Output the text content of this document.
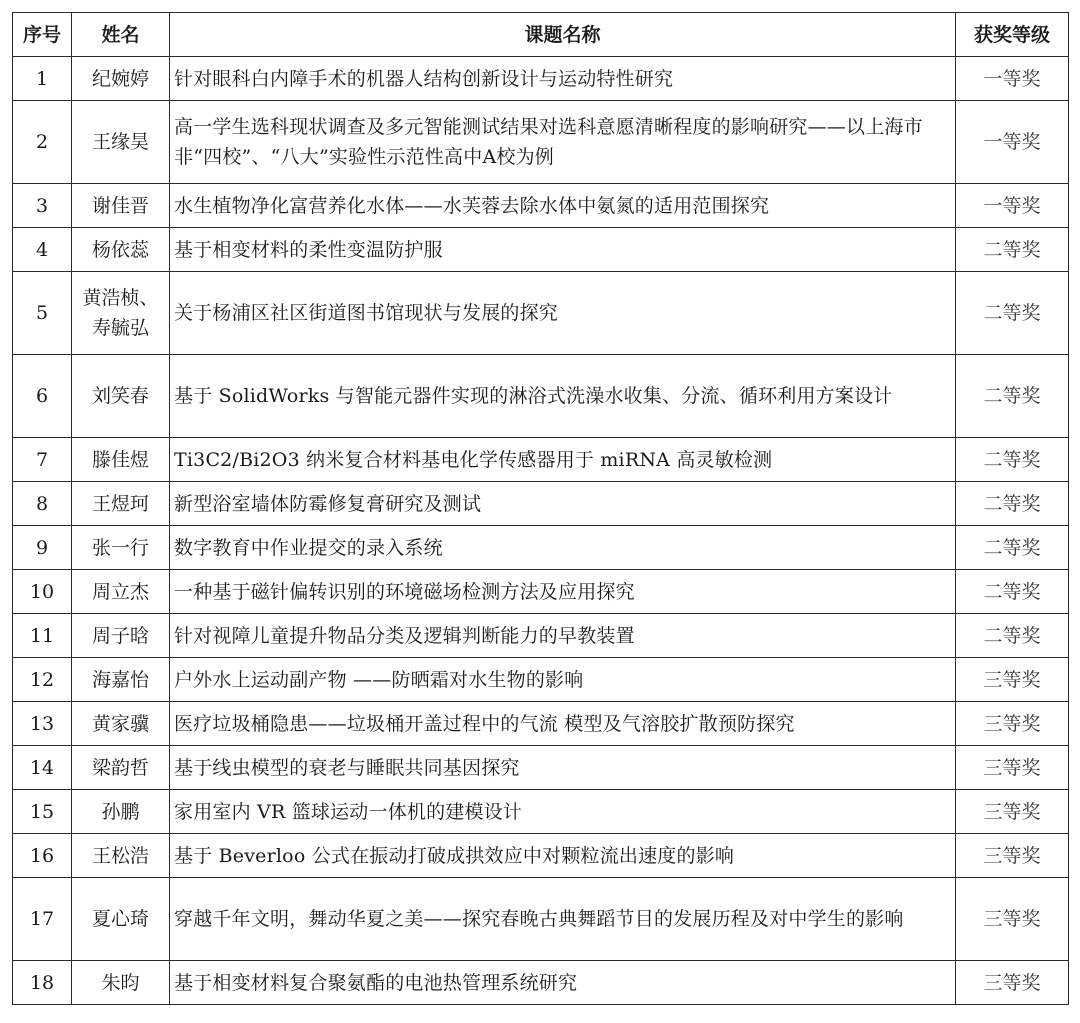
序号	姓名	课题名称	获奖等级
1	纪婉婷	针对眼科白内障手术的机器人结构创新设计与运动特性研究	一等奖
2	王缘昊	高一学生选科现状调查及多元智能测试结果对选科意愿清晰程度的影响研究——以上海市非“四校”、“八大”实验性示范性高中A校为例	一等奖
3	谢佳晋	水生植物净化富营养化水体——水芙蓉去除水体中氨氮的适用范围探究	一等奖
4	杨依蕊	基于相变材料的柔性变温防护服	二等奖
5	黄浩桢、寿毓弘	关于杨浦区社区街道图书馆现状与发展的探究	二等奖
6	刘笑春	基于 SolidWorks 与智能元器件实现的淋浴式洗澡水收集、分流、循环利用方案设计	二等奖
7	滕佳煜	Ti3C2/Bi2O3 纳米复合材料基电化学传感器用于 miRNA 高灵敏检测	二等奖
8	王煜珂	新型浴室墙体防霉修复膏研究及测试	二等奖
9	张一行	数字教育中作业提交的录入系统	二等奖
10	周立杰	一种基于磁针偏转识别的环境磁场检测方法及应用探究	二等奖
11	周子晗	针对视障儿童提升物品分类及逻辑判断能力的早教装置	二等奖
12	海嘉怡	户外水上运动副产物 ——防晒霜对水生物的影响	三等奖
13	黄家骥	医疗垃圾桶隐患——垃圾桶开盖过程中的气流 模型及气溶胶扩散预防探究	三等奖
14	梁韵哲	基于线虫模型的衰老与睡眠共同基因探究	三等奖
15	孙鹏	家用室内 VR 篮球运动一体机的建模设计	三等奖
16	王松浩	基于 Beverloo 公式在振动打破成拱效应中对颗粒流出速度的影响	三等奖
17	夏心琦	穿越千年文明，舞动华夏之美——探究春晚古典舞蹈节目的发展历程及对中学生的影响	三等奖
18	朱昀	基于相变材料复合聚氨酯的电池热管理系统研究	三等奖
